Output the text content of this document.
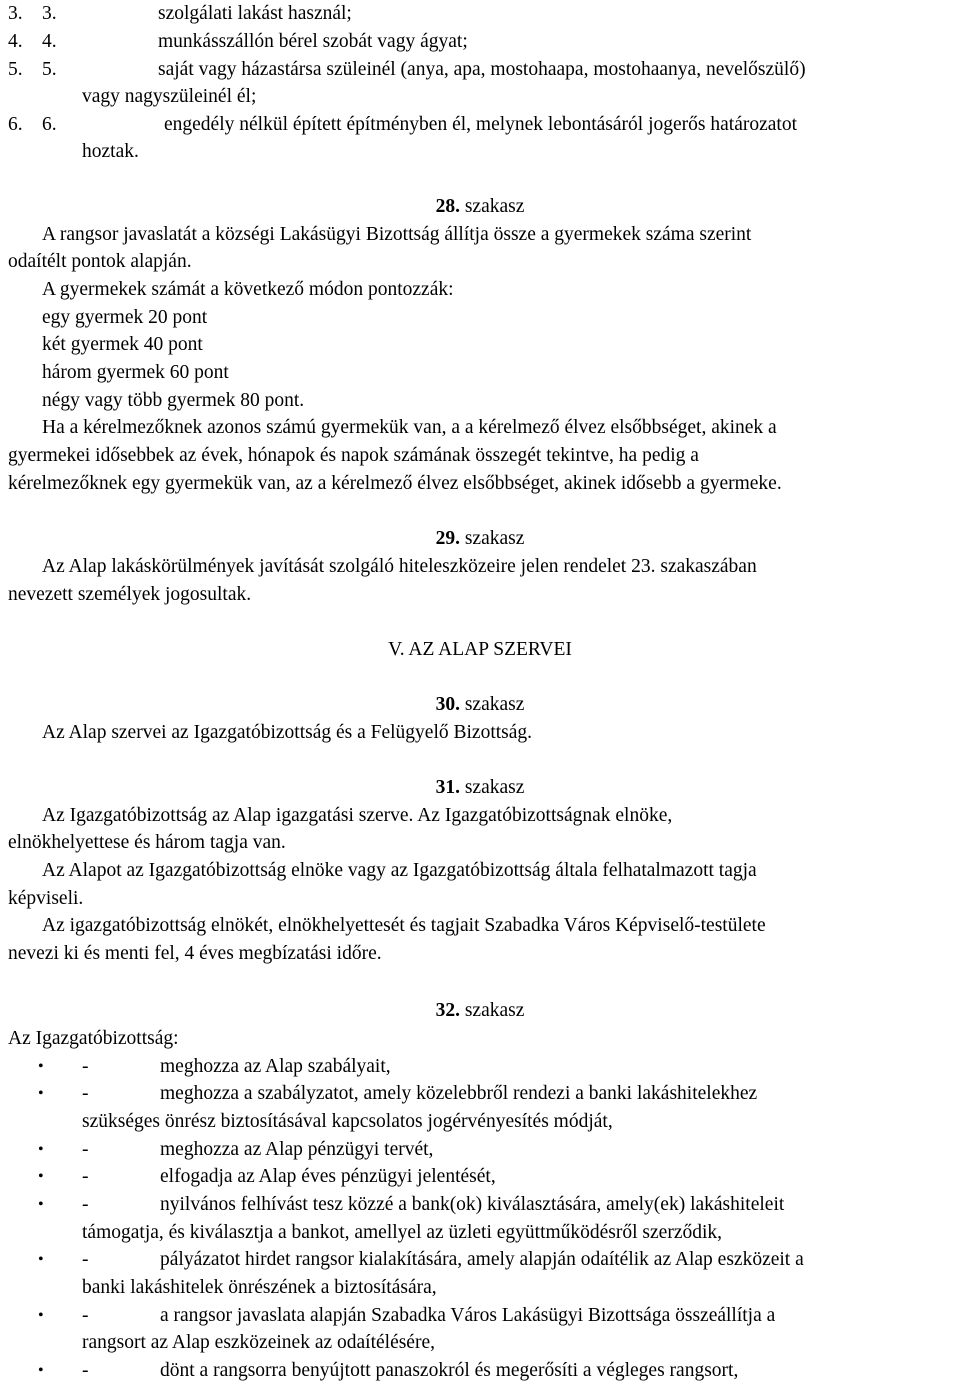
3. 3.	szolgálati lakást használ;
4. 4.	munkásszállón bérel szobát vagy ágyat;
5. 5.	saját vagy házastársa szüleinél (anya, apa, mostohaapa, mostohaanya, nevelőszülő)
vagy nagyszüleinél él;
6. 6.	engedély nélkül épített építményben él, melynek lebontásáról jogerős határozatot
hoztak.
28. szakasz
A rangsor javaslatát a községi Lakásügyi Bizottság állítja össze a gyermekek száma szerint
odaítélt pontok alapján.
A gyermekek számát a következő módon pontozzák:
egy gyermek 20 pont
két gyermek 40 pont
három gyermek 60 pont
négy vagy több gyermek 80 pont.
Ha a kérelmezőknek azonos számú gyermekük van, a a kérelmező élvez elsőbbséget, akinek a
gyermekei idősebbek az évek, hónapok és napok számának összegét tekintve, ha pedig a
kérelmezőknek egy gyermekük van, az a kérelmező élvez elsőbbséget, akinek idősebb a gyermeke.
29. szakasz
Az Alap lakáskörülmények javítását szolgáló hiteleszközeire jelen rendelet 23. szakaszában
nevezett személyek jogosultak.
V. AZ ALAP SZERVEI
30. szakasz
Az Alap szervei az Igazgatóbizottság és a Felügyelő Bizottság.
31. szakasz
Az Igazgatóbizottság az Alap igazgatási szerve. Az Igazgatóbizottságnak elnöke,
elnökhelyettese és három tagja van.
Az Alapot az Igazgatóbizottság elnöke vagy az Igazgatóbizottság általa felhatalmazott tagja
képviseli.
Az igazgatóbizottság elnökét, elnökhelyettesét és tagjait Szabadka Város Képviselő-testülete
nevezi ki és menti fel, 4 éves megbízatási időre.
32. szakasz
Az Igazgatóbizottság:
• -	meghozza az Alap szabályait,
• -	meghozza a szabályzatot, amely közelebbről rendezi a banki lakáshitelekhez
szükséges önrész biztosításával kapcsolatos jogérvényesítés módját,
• -	meghozza az Alap pénzügyi tervét,
• -	elfogadja az Alap éves pénzügyi jelentését,
• -	nyilvános felhívást tesz közzé a bank(ok) kiválasztására, amely(ek) lakáshiteleit
támogatja, és kiválasztja a bankot, amellyel az üzleti együttműködésről szerződik,
• -	pályázatot hirdet rangsor kialakítására, amely alapján odaítélik az Alap eszközeit a
banki lakáshitelek önrészének a biztosítására,
• -	a rangsor javaslata alapján Szabadka Város Lakásügyi Bizottsága összeállítja a
rangsort az Alap eszközeinek az odaítélésére,
• -	dönt a rangsorra benyújtott panaszokról és megerősíti a végleges rangsort,
